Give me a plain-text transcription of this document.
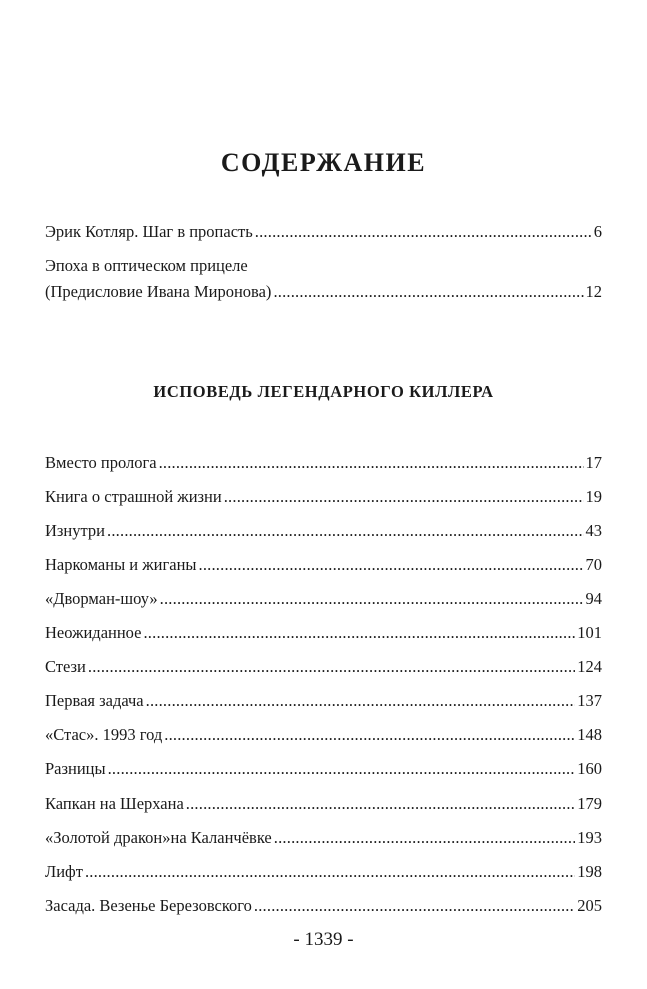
СОДЕРЖАНИЕ
Эрик Котляр. Шаг в пропасть .....	6
Эпоха в оптическом прицеле
(Предисловие Ивана Миронова) .....	12
ИСПОВЕДЬ ЛЕГЕНДАРНОГО КИЛЛЕРА
Вместо пролога .....	17
Книга о страшной жизни .....	19
Изнутри .....	43
Наркоманы и жиганы .....	70
«Дворман-шоу» .....	94
Неожиданное .....	101
Стези .....	124
Первая задача .....	137
«Стас». 1993 год .....	148
Разницы .....	160
Капкан на Шерхана .....	179
«Золотой дракон»на Каланчёвке .....	193
Лифт .....	198
Засада. Везенье Березовского .....	205
- 1339 -
